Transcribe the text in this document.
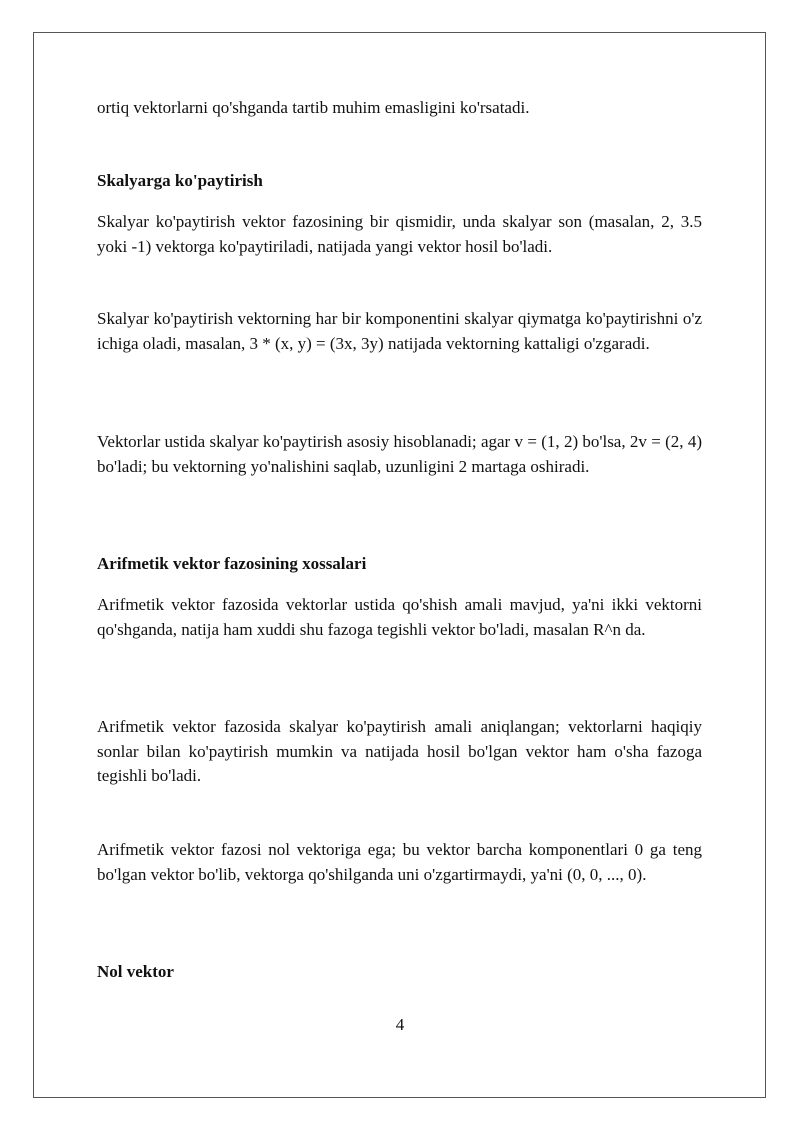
ortiq vektorlarni qo'shganda tartib muhim emasligini ko'rsatadi.

Skalyarga ko'paytirish

Skalyar ko'paytirish vektor fazosining bir qismidir, unda skalyar son (masalan, 2, 3.5 yoki -1) vektorga ko'paytiriladi, natijada yangi vektor hosil bo'ladi.

Skalyar ko'paytirish vektorning har bir komponentini skalyar qiymatga ko'paytirishni o'z ichiga oladi, masalan, 3 * (x, y) = (3x, 3y) natijada vektorning kattaligi o'zgaradi.

Vektorlar ustida skalyar ko'paytirish asosiy hisoblanadi; agar v = (1, 2) bo'lsa, 2v = (2, 4) bo'ladi; bu vektorning yo'nalishini saqlab, uzunligini 2 martaga oshiradi.

Arifmetik vektor fazosining xossalari

Arifmetik vektor fazosida vektorlar ustida qo'shish amali mavjud, ya'ni ikki vektorni qo'shganda, natija ham xuddi shu fazoga tegishli vektor bo'ladi, masalan R^n da.

Arifmetik vektor fazosida skalyar ko'paytirish amali aniqlangan; vektorlarni haqiqiy sonlar bilan ko'paytirish mumkin va natijada hosil bo'lgan vektor ham o'sha fazoga tegishli bo'ladi.

Arifmetik vektor fazosi nol vektoriga ega; bu vektor barcha komponentlari 0 ga teng bo'lgan vektor bo'lib, vektorga qo'shilganda uni o'zgartirmaydi, ya'ni (0, 0, ..., 0).

Nol vektor
4
